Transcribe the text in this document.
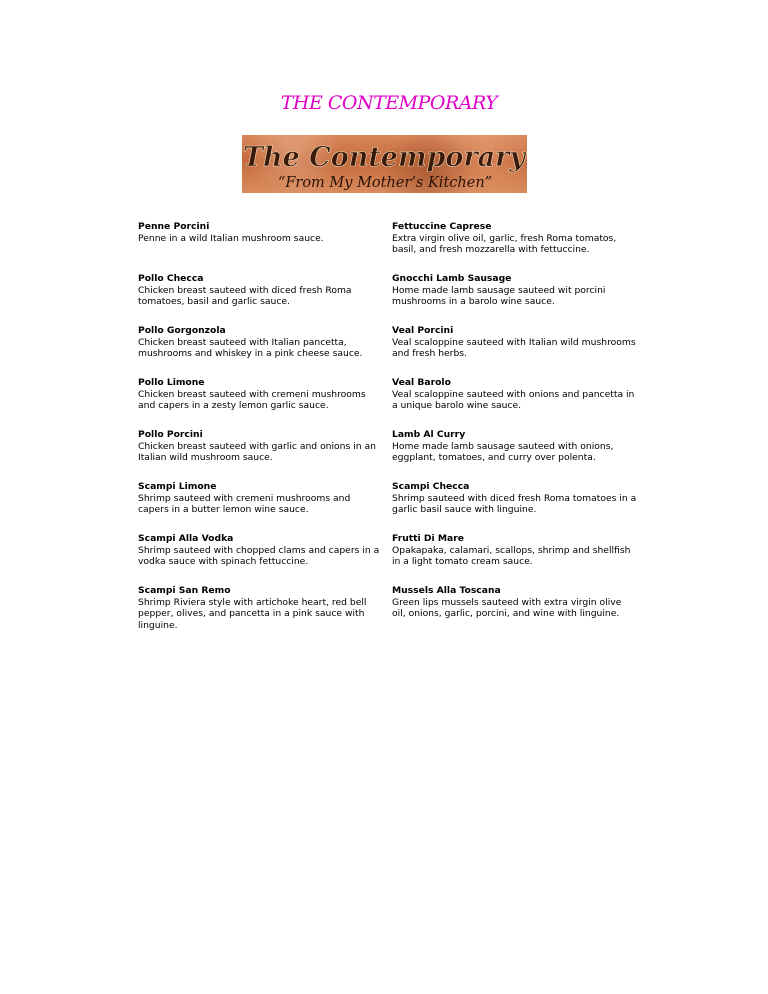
THE CONTEMPORARY
The Contemporary
“From My Mother’s Kitchen”
Penne Porcini
Penne in a wild Italian mushroom sauce.
Pollo Checca
Chicken breast sauteed with diced fresh Roma tomatoes, basil and garlic sauce.
Pollo Gorgonzola
Chicken breast sauteed with Italian pancetta, mushrooms and whiskey in a pink cheese sauce.
Pollo Limone
Chicken breast sauteed with cremeni mushrooms and capers in a zesty lemon garlic sauce.
Pollo Porcini
Chicken breast sauteed with garlic and onions in an Italian wild mushroom sauce.
Scampi Limone
Shrimp sauteed with cremeni mushrooms and capers in a butter lemon wine sauce.
Scampi Alla Vodka
Shrimp sauteed with chopped clams and capers in a vodka sauce with spinach fettuccine.
Scampi San Remo
Shrimp Riviera style with artichoke heart, red bell pepper, olives, and pancetta in a pink sauce with linguine.
Fettuccine Caprese
Extra virgin olive oil, garlic, fresh Roma tomatos, basil, and fresh mozzarella with fettuccine.
Gnocchi Lamb Sausage
Home made lamb sausage sauteed wit porcini mushrooms in a barolo wine sauce.
Veal Porcini
Veal scaloppine sauteed with Italian wild mushrooms and fresh herbs.
Veal Barolo
Veal scaloppine sauteed with onions and pancetta in a unique barolo wine sauce.
Lamb Al Curry
Home made lamb sausage sauteed with onions, eggplant, tomatoes, and curry over polenta.
Scampi Checca
Shrimp sauteed with diced fresh Roma tomatoes in a garlic basil sauce with linguine.
Frutti Di Mare
Opakapaka, calamari, scallops, shrimp and shellfish in a light tomato cream sauce.
Mussels Alla Toscana
Green lips mussels sauteed with extra virgin olive oil, onions, garlic, porcini, and wine with linguine.
